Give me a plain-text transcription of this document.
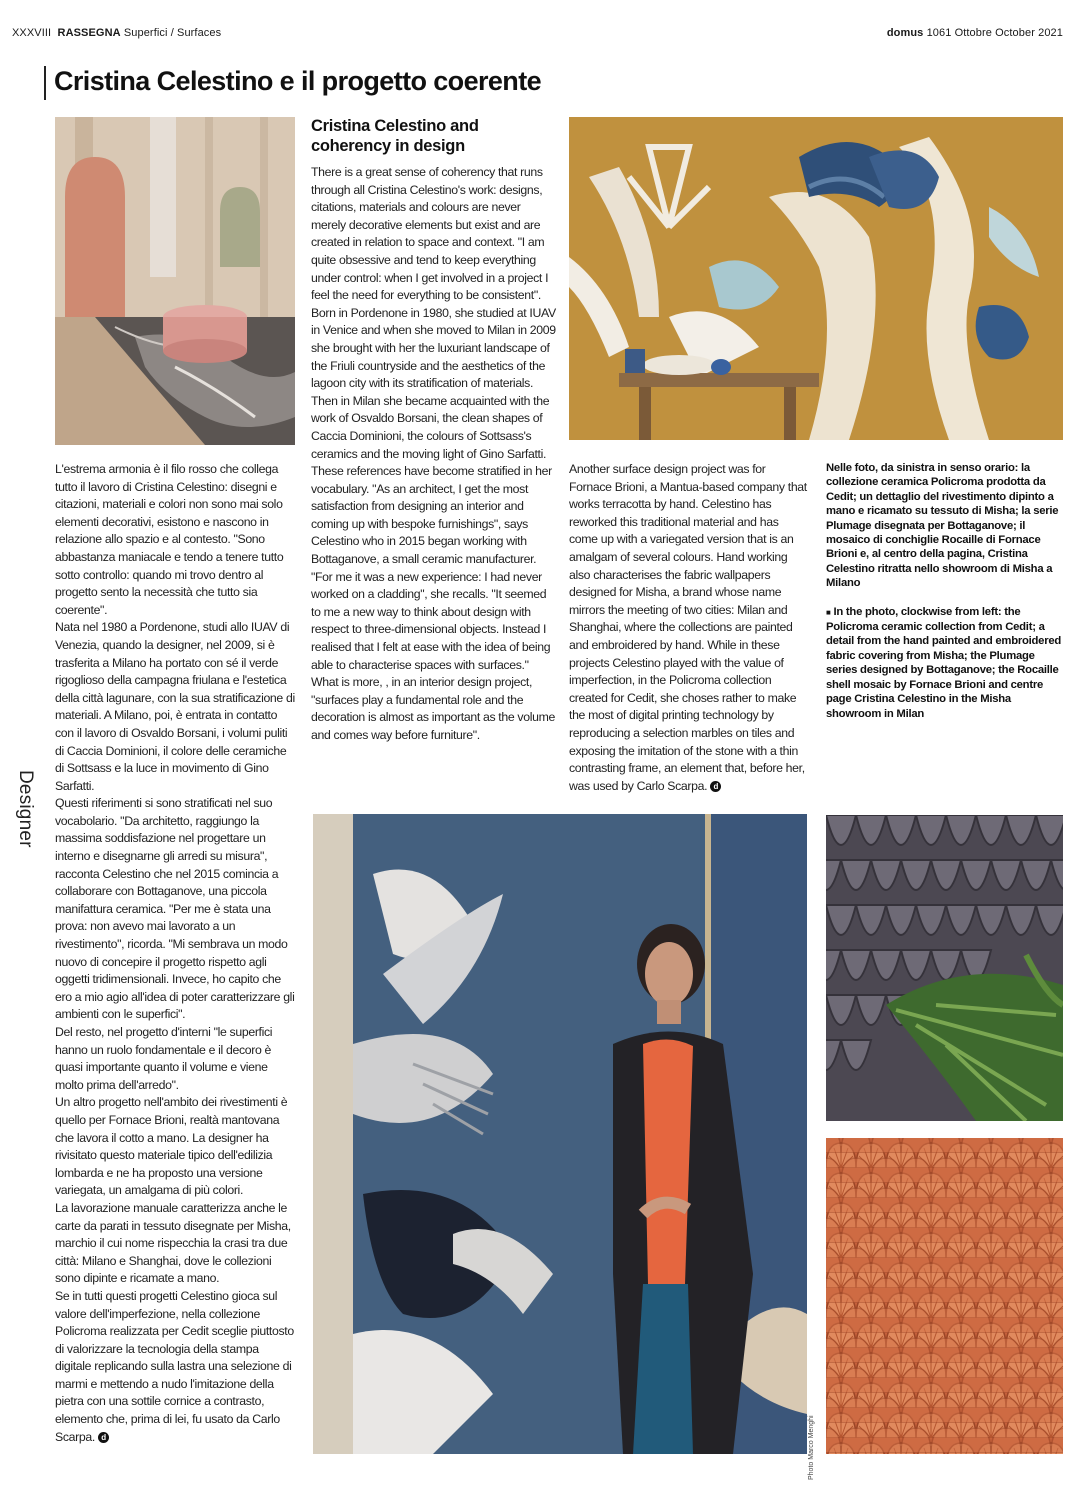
XXXVIII RASSEGNA Superfici / Surfaces	domus 1061 Ottobre October 2021
Cristina Celestino e il progetto coerente
Designer
Cristina Celestino and coherency in design

There is a great sense of coherency that runs through all Cristina Celestino's work: designs, citations, materials and colours are never merely decorative elements but exist and are created in relation to space and context. "I am quite obsessive and tend to keep everything under control: when I get involved in a project I feel the need for everything to be consistent".

Born in Pordenone in 1980, she studied at IUAV in Venice and when she moved to Milan in 2009 she brought with her the luxuriant landscape of the Friuli countryside and the aesthetics of the lagoon city with its stratification of materials. Then in Milan she became acquainted with the work of Osvaldo Borsani, the clean shapes of Caccia Dominioni, the colours of Sottsass's ceramics and the moving light of Gino Sarfatti. These references have become stratified in her vocabulary. "As an architect, I get the most satisfaction from designing an interior and coming up with bespoke furnishings", says Celestino who in 2015 began working with Bottaganove, a small ceramic manufacturer. "For me it was a new experience: I had never worked on a cladding", she recalls. "It seemed to me a new way to think about design with respect to three-dimensional objects. Instead I realised that I felt at ease with the idea of being able to characterise spaces with surfaces."

What is more, , in an interior design project, "surfaces play a fundamental role and the decoration is almost as important as the volume and comes way before furniture".

L'estrema armonia è il filo rosso che collega tutto il lavoro di Cristina Celestino: disegni e citazioni, materiali e colori non sono mai solo elementi decorativi, esistono e nascono in relazione allo spazio e al contesto. "Sono abbastanza maniacale e tendo a tenere tutto sotto controllo: quando mi trovo dentro al progetto sento la necessità che tutto sia coerente".

Nata nel 1980 a Pordenone, studi allo IUAV di Venezia, quando la designer, nel 2009, si è trasferita a Milano ha portato con sé il verde rigoglioso della campagna friulana e l'estetica della città lagunare, con la sua stratificazione di materiali. A Milano, poi, è entrata in contatto con il lavoro di Osvaldo Borsani, i volumi puliti di Caccia Dominioni, il colore delle ceramiche di Sottsass e la luce in movimento di Gino Sarfatti.

Questi riferimenti si sono stratificati nel suo vocabolario. "Da architetto, raggiungo la massima soddisfazione nel progettare un interno e disegnarne gli arredi su misura", racconta Celestino che nel 2015 comincia a collaborare con Bottaganove, una piccola manifattura ceramica. "Per me è stata una prova: non avevo mai lavorato a un rivestimento", ricorda. "Mi sembrava un modo nuovo di concepire il progetto rispetto agli oggetti tridimensionali. Invece, ho capito che ero a mio agio all'idea di poter caratterizzare gli ambienti con le superfici".

Del resto, nel progetto d'interni "le superfici hanno un ruolo fondamentale e il decoro è quasi importante quanto il volume e viene molto prima dell'arredo".

Un altro progetto nell'ambito dei rivestimenti è quello per Fornace Brioni, realtà mantovana che lavora il cotto a mano. La designer ha rivisitato questo materiale tipico dell'edilizia lombarda e ne ha proposto una versione variegata, un amalgama di più colori.

La lavorazione manuale caratterizza anche le carte da parati in tessuto disegnate per Misha, marchio il cui nome rispecchia la crasi tra due città: Milano e Shanghai, dove le collezioni sono dipinte e ricamate a mano.

Se in tutti questi progetti Celestino gioca sul valore dell'imperfezione, nella collezione Policroma realizzata per Cedit sceglie piuttosto di valorizzare la tecnologia della stampa digitale replicando sulla lastra una selezione di marmi e mettendo a nudo l'imitazione della pietra con una sottile cornice a contrasto, elemento che, prima di lei, fu usato da Carlo Scarpa. d

Another surface design project was for Fornace Brioni, a Mantua-based company that works terracotta by hand. Celestino has reworked this traditional material and has come up with a variegated version that is an amalgam of several colours. Hand working also characterises the fabric wallpapers designed for Misha, a brand whose name mirrors the meeting of two cities: Milan and Shanghai, where the collections are painted and embroidered by hand. While in these projects Celestino played with the value of imperfection, in the Policroma collection created for Cedit, she choses rather to make the most of digital printing technology by reproducing a selection marbles on tiles and exposing the imitation of the stone with a thin contrasting frame, an element that, before her, was used by Carlo Scarpa. d

Nelle foto, da sinistra in senso orario: la collezione ceramica Policroma prodotta da Cedit; un dettaglio del rivestimento dipinto a mano e ricamato su tessuto di Misha; la serie Plumage disegnata per Bottaganove; il mosaico di conchiglie Rocaille di Fornace Brioni e, al centro della pagina, Cristina Celestino ritratta nello showroom di Misha a Milano

■ In the photo, clockwise from left: the Policroma ceramic collection from Cedit; a detail from the hand painted and embroidered fabric covering from Misha; the Plumage series designed by Bottaganove; the Rocaille shell mosaic by Fornace Brioni and centre page Cristina Celestino in the Misha showroom in Milan

Photo Marco Menghi
